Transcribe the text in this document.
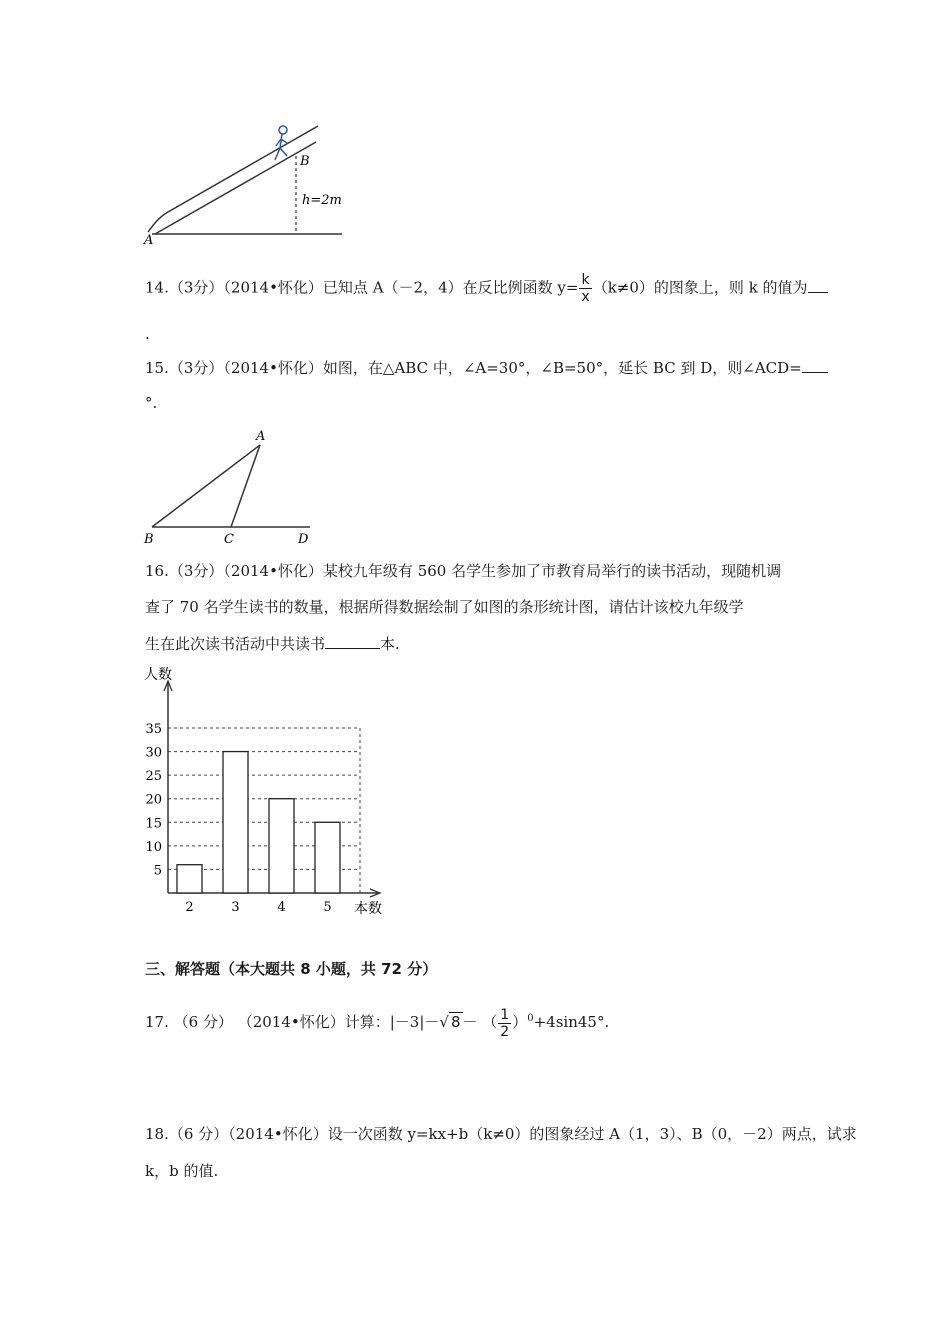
A
B
h=2m
14.（3分）（2014•怀化）已知点 A（－2，4）在反比例函数 $y= \frac{k}{x} (k\ne 0)$的图象上，则 k 的值为
.
15.（3分）（2014•怀化）如图，在△ABC 中，∠A=30°，∠B=50°，延长 BC 到 D，则∠ACD=
°.
A
B	C	D
16.（3分）（2014•怀化）某校九年级有 560 名学生参加了市教育局举行的读书活动，现随机调
查了 70 名学生读书的数量，根据所得数据绘制了如图的条形统计图，请估计该校九年级学
生在此次读书活动中共读书	本.
5
10
15
20
25
30
35
2	3	4	5
人数
本数
三、解答题（本大题共 8 小题，共 72 分）
17. （6 分） （2014•怀化）计算：|－3|－√ 8 － （ $\frac{1}{2} )^0+4\sin 45^\circ$.
18.（6 分）（2014•怀化）设一次函数 y=kx+b（k≠0）的图象经过 A（1，3）、B（0，－2）两点，试求
k，b 的值.
